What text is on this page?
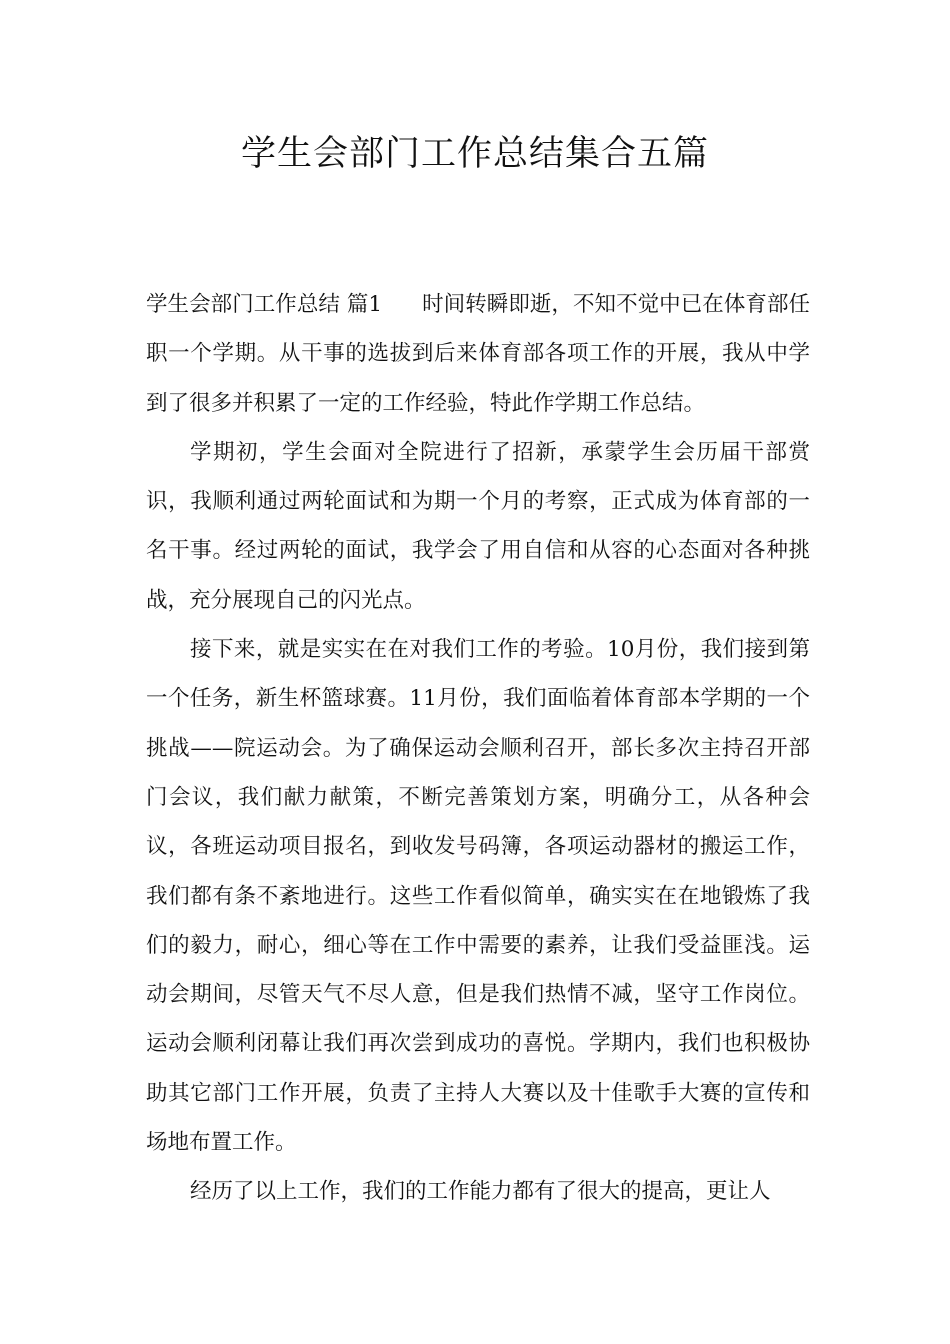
学生会部门工作总结集合五篇

学生会部门工作总结 篇1 时间转瞬即逝，不知不觉中已在体育部任职一个学期。从干事的选拔到后来体育部各项工作的开展，我从中学到了很多并积累了一定的工作经验，特此作学期工作总结。

学期初，学生会面对全院进行了招新，承蒙学生会历届干部赏识，我顺利通过两轮面试和为期一个月的考察，正式成为体育部的一名干事。经过两轮的面试，我学会了用自信和从容的心态面对各种挑战，充分展现自己的闪光点。

接下来，就是实实在在对我们工作的考验。10月份，我们接到第一个任务，新生杯篮球赛。11月份，我们面临着体育部本学期的一个挑战——院运动会。为了确保运动会顺利召开，部长多次主持召开部门会议，我们献力献策，不断完善策划方案，明确分工，从各种会议，各班运动项目报名，到收发号码簿，各项运动器材的搬运工作，我们都有条不紊地进行。这些工作看似简单，确实实在在地锻炼了我们的毅力，耐心，细心等在工作中需要的素养，让我们受益匪浅。运动会期间，尽管天气不尽人意，但是我们热情不减，坚守工作岗位。运动会顺利闭幕让我们再次尝到成功的喜悦。学期内，我们也积极协助其它部门工作开展，负责了主持人大赛以及十佳歌手大赛的宣传和场地布置工作。

经历了以上工作，我们的工作能力都有了很大的提高，更让人
